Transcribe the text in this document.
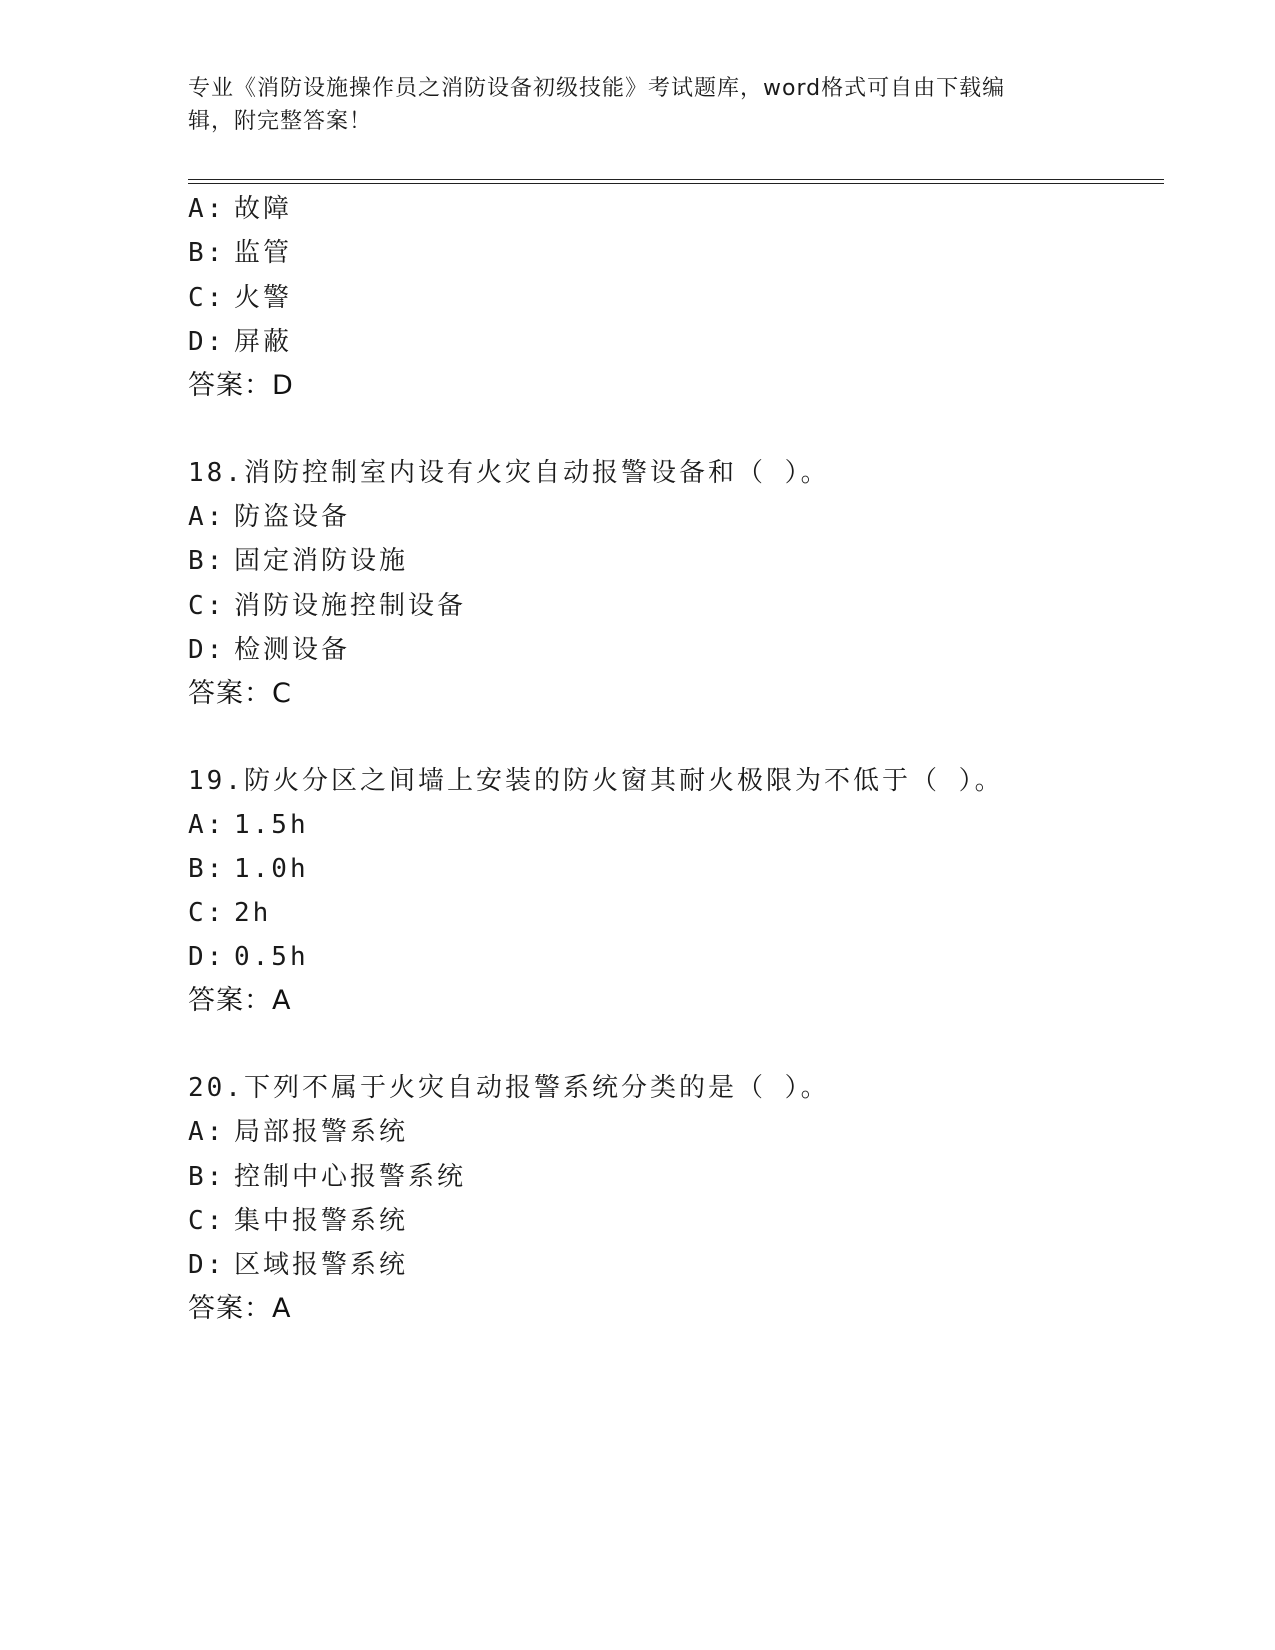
专业《消防设施操作员之消防设备初级技能》考试题库，word格式可自由下载编
辑，附完整答案！
A: 故障
B: 监管
C: 火警
D: 屏蔽
答案：D
18.消防控制室内设有火灾自动报警设备和（ ）。
A: 防盗设备
B: 固定消防设施
C: 消防设施控制设备
D: 检测设备
答案：C
19.防火分区之间墙上安装的防火窗其耐火极限为不低于（ ）。
A: 1.5h
B: 1.0h
C: 2h
D: 0.5h
答案：A
20.下列不属于火灾自动报警系统分类的是（ ）。
A: 局部报警系统
B: 控制中心报警系统
C: 集中报警系统
D: 区域报警系统
答案：A
